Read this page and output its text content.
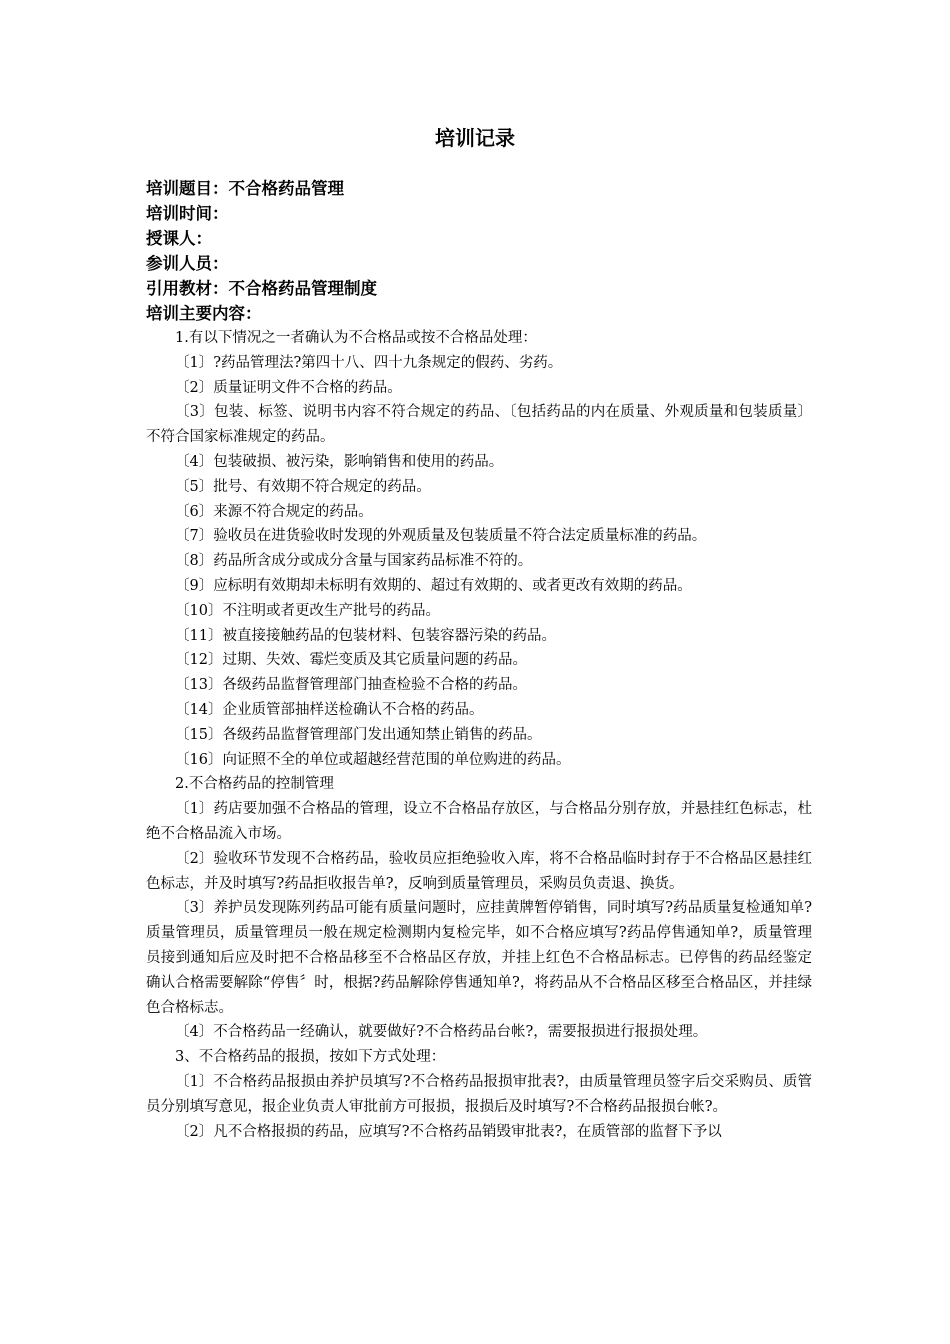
培训记录
培训题目：不合格药品管理
培训时间：
授课人：
参训人员：
引用教材：不合格药品管理制度
培训主要内容：

1.有以下情况之一者确认为不合格品或按不合格品处理：

〔1〕?药品管理法?第四十八、四十九条规定的假药、劣药。

〔2〕质量证明文件不合格的药品。

〔3〕包装、标签、说明书内容不符合规定的药品、〔包括药品的内在质量、外观质量和包装质量〕不符合国家标准规定的药品。

〔4〕包装破损、被污染，影响销售和使用的药品。

〔5〕批号、有效期不符合规定的药品。

〔6〕来源不符合规定的药品。

〔7〕验收员在进货验收时发现的外观质量及包装质量不符合法定质量标准的药品。

〔8〕药品所含成分或成分含量与国家药品标准不符的。

〔9〕应标明有效期却未标明有效期的、超过有效期的、或者更改有效期的药品。

〔10〕不注明或者更改生产批号的药品。

〔11〕被直接接触药品的包装材料、包装容器污染的药品。

〔12〕过期、失效、霉烂变质及其它质量问题的药品。

〔13〕各级药品监督管理部门抽查检验不合格的药品。

〔14〕企业质管部抽样送检确认不合格的药品。

〔15〕各级药品监督管理部门发出通知禁止销售的药品。

〔16〕向证照不全的单位或超越经营范围的单位购进的药品。

2.不合格药品的控制管理

〔1〕药店要加强不合格品的管理，设立不合格品存放区，与合格品分别存放，并悬挂红色标志，杜绝不合格品流入市场。

〔2〕验收环节发现不合格药品，验收员应拒绝验收入库，将不合格品临时封存于不合格品区悬挂红色标志，并及时填写?药品拒收报告单?，反响到质量管理员，采购员负责退、换货。

〔3〕养护员发现陈列药品可能有质量问题时，应挂黄牌暂停销售，同时填写?药品质量复检通知单?质量管理员，质量管理员一般在规定检测期内复检完毕，如不合格应填写?药品停售通知单?，质量管理员接到通知后应及时把不合格品移至不合格品区存放，并挂上红色不合格品标志。已停售的药品经鉴定确认合格需要解除“停售〞时，根据?药品解除停售通知单?，将药品从不合格品区移至合格品区，并挂绿色合格标志。

〔4〕不合格药品一经确认，就要做好?不合格药品台帐?，需要报损进行报损处理。

3、不合格药品的报损，按如下方式处理：

〔1〕不合格药品报损由养护员填写?不合格药品报损审批表?，由质量管理员签字后交采购员、质管员分别填写意见，报企业负责人审批前方可报损，报损后及时填写?不合格药品报损台帐?。

〔2〕凡不合格报损的药品，应填写?不合格药品销毁审批表?，在质管部的监督下予以
